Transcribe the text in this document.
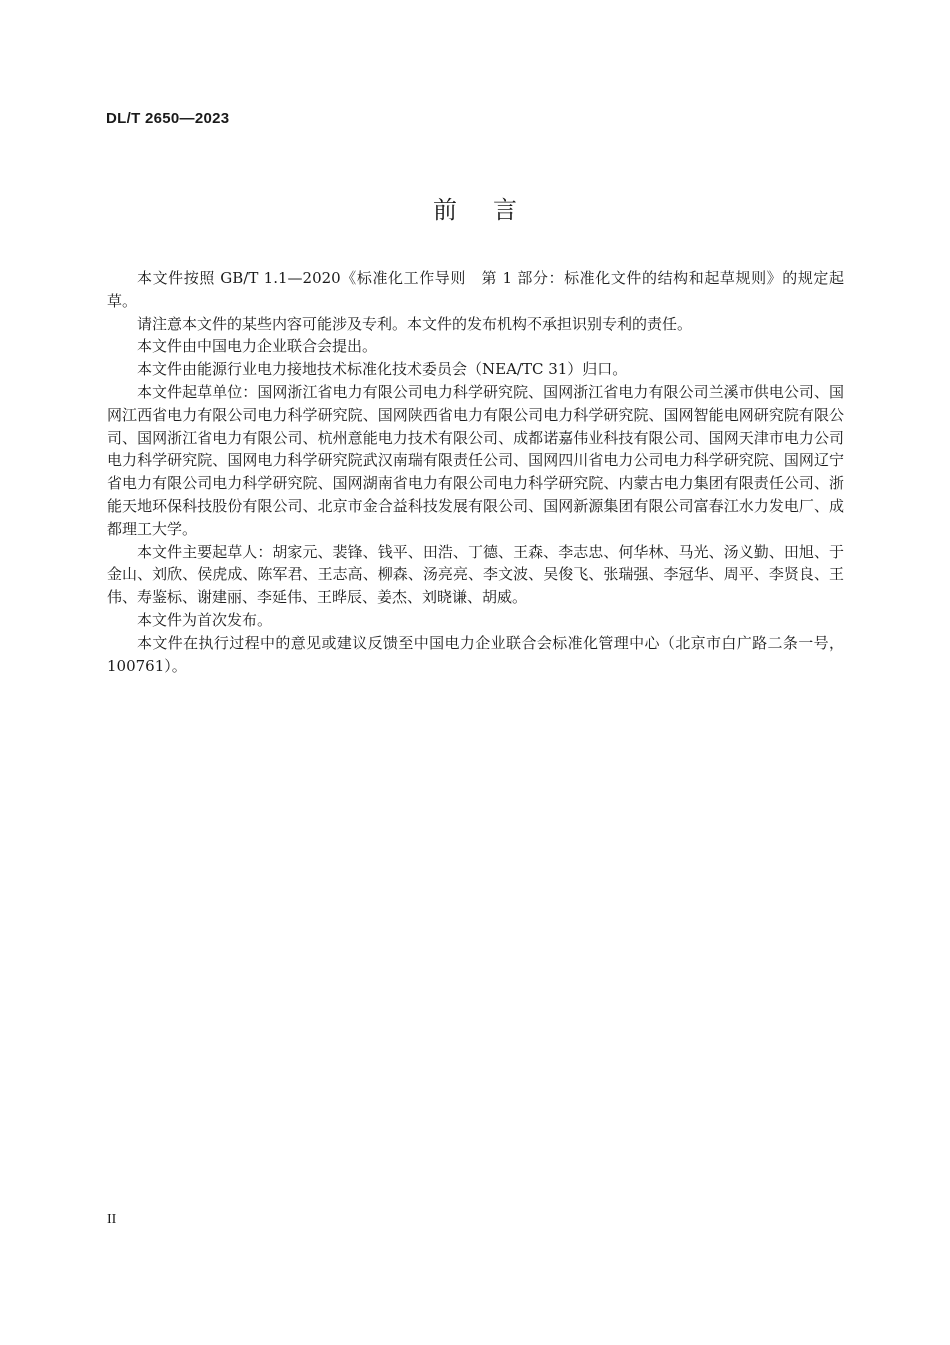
DL/T 2650—2023
前言

本文件按照 GB/T 1.1—2020《标准化工作导则　第 1 部分：标准化文件的结构和起草规则》的规定起草。

请注意本文件的某些内容可能涉及专利。本文件的发布机构不承担识别专利的责任。

本文件由中国电力企业联合会提出。

本文件由能源行业电力接地技术标准化技术委员会（NEA/TC 31）归口。

本文件起草单位：国网浙江省电力有限公司电力科学研究院、国网浙江省电力有限公司兰溪市供电公司、国网江西省电力有限公司电力科学研究院、国网陕西省电力有限公司电力科学研究院、国网智能电网研究院有限公司、国网浙江省电力有限公司、杭州意能电力技术有限公司、成都诺嘉伟业科技有限公司、国网天津市电力公司电力科学研究院、国网电力科学研究院武汉南瑞有限责任公司、国网四川省电力公司电力科学研究院、国网辽宁省电力有限公司电力科学研究院、国网湖南省电力有限公司电力科学研究院、内蒙古电力集团有限责任公司、浙能天地环保科技股份有限公司、北京市金合益科技发展有限公司、国网新源集团有限公司富春江水力发电厂、成都理工大学。

本文件主要起草人：胡家元、裴锋、钱平、田浩、丁德、王森、李志忠、何华林、马光、汤义勤、田旭、于金山、刘欣、侯虎成、陈军君、王志高、柳森、汤亮亮、李文波、吴俊飞、张瑞强、李冠华、周平、李贤良、王伟、寿鉴标、谢建丽、李延伟、王晔辰、姜杰、刘晓谦、胡威。

本文件为首次发布。

本文件在执行过程中的意见或建议反馈至中国电力企业联合会标准化管理中心（北京市白广路二条一号，100761）。

II
